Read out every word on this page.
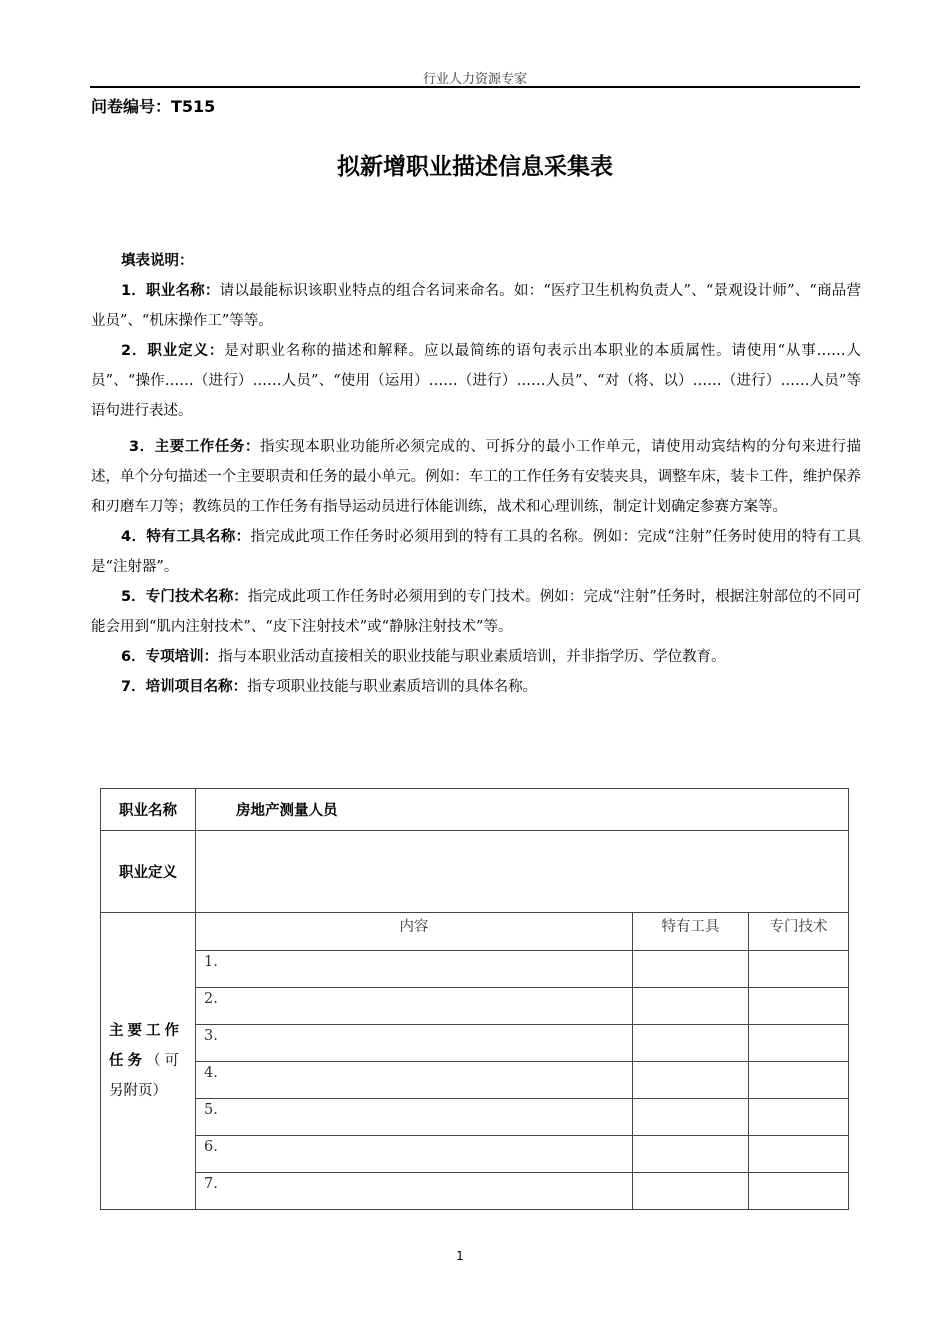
行业人力资源专家
问卷编号：T515
拟新增职业描述信息采集表

填表说明：

1．职业名称：请以最能标识该职业特点的组合名词来命名。如：“医疗卫生机构负责人”、“景观设计师”、“商品营业员”、“机床操作工”等等。

2．职业定义：是对职业名称的描述和解释。应以最简练的语句表示出本职业的本质属性。请使用“从事……人员”、“操作……（进行）……人员”、“使用（运用）……（进行）……人员”、“对（将、以）……（进行）……人员”等语句进行表述。

3．主要工作任务：指实现本职业功能所必须完成的、可拆分的最小工作单元，请使用动宾结构的分句来进行描述，单个分句描述一个主要职责和任务的最小单元。例如：车工的工作任务有安装夹具，调整车床，装卡工件，维护保养和刃磨车刀等；教练员的工作任务有指导运动员进行体能训练，战术和心理训练，制定计划确定参赛方案等。

4．特有工具名称：指完成此项工作任务时必须用到的特有工具的名称。例如：完成“注射”任务时使用的特有工具是“注射器”。

5．专门技术名称：指完成此项工作任务时必须用到的专门技术。例如：完成“注射”任务时，根据注射部位的不同可能会用到“肌内注射技术”、“皮下注射技术”或“静脉注射技术”等。

6．专项培训：指与本职业活动直接相关的职业技能与职业素质培训，并非指学历、学位教育。

7．培训项目名称：指专项职业技能与职业素质培训的具体名称。

职业名称	房地产测量人员		
职业定义			
主要工作
任务（可
另附页）	内容	特有工具	专门技术
	1.		
	2.		
	3.		
	4.		
	5.		
	6.		
	7.		
1
